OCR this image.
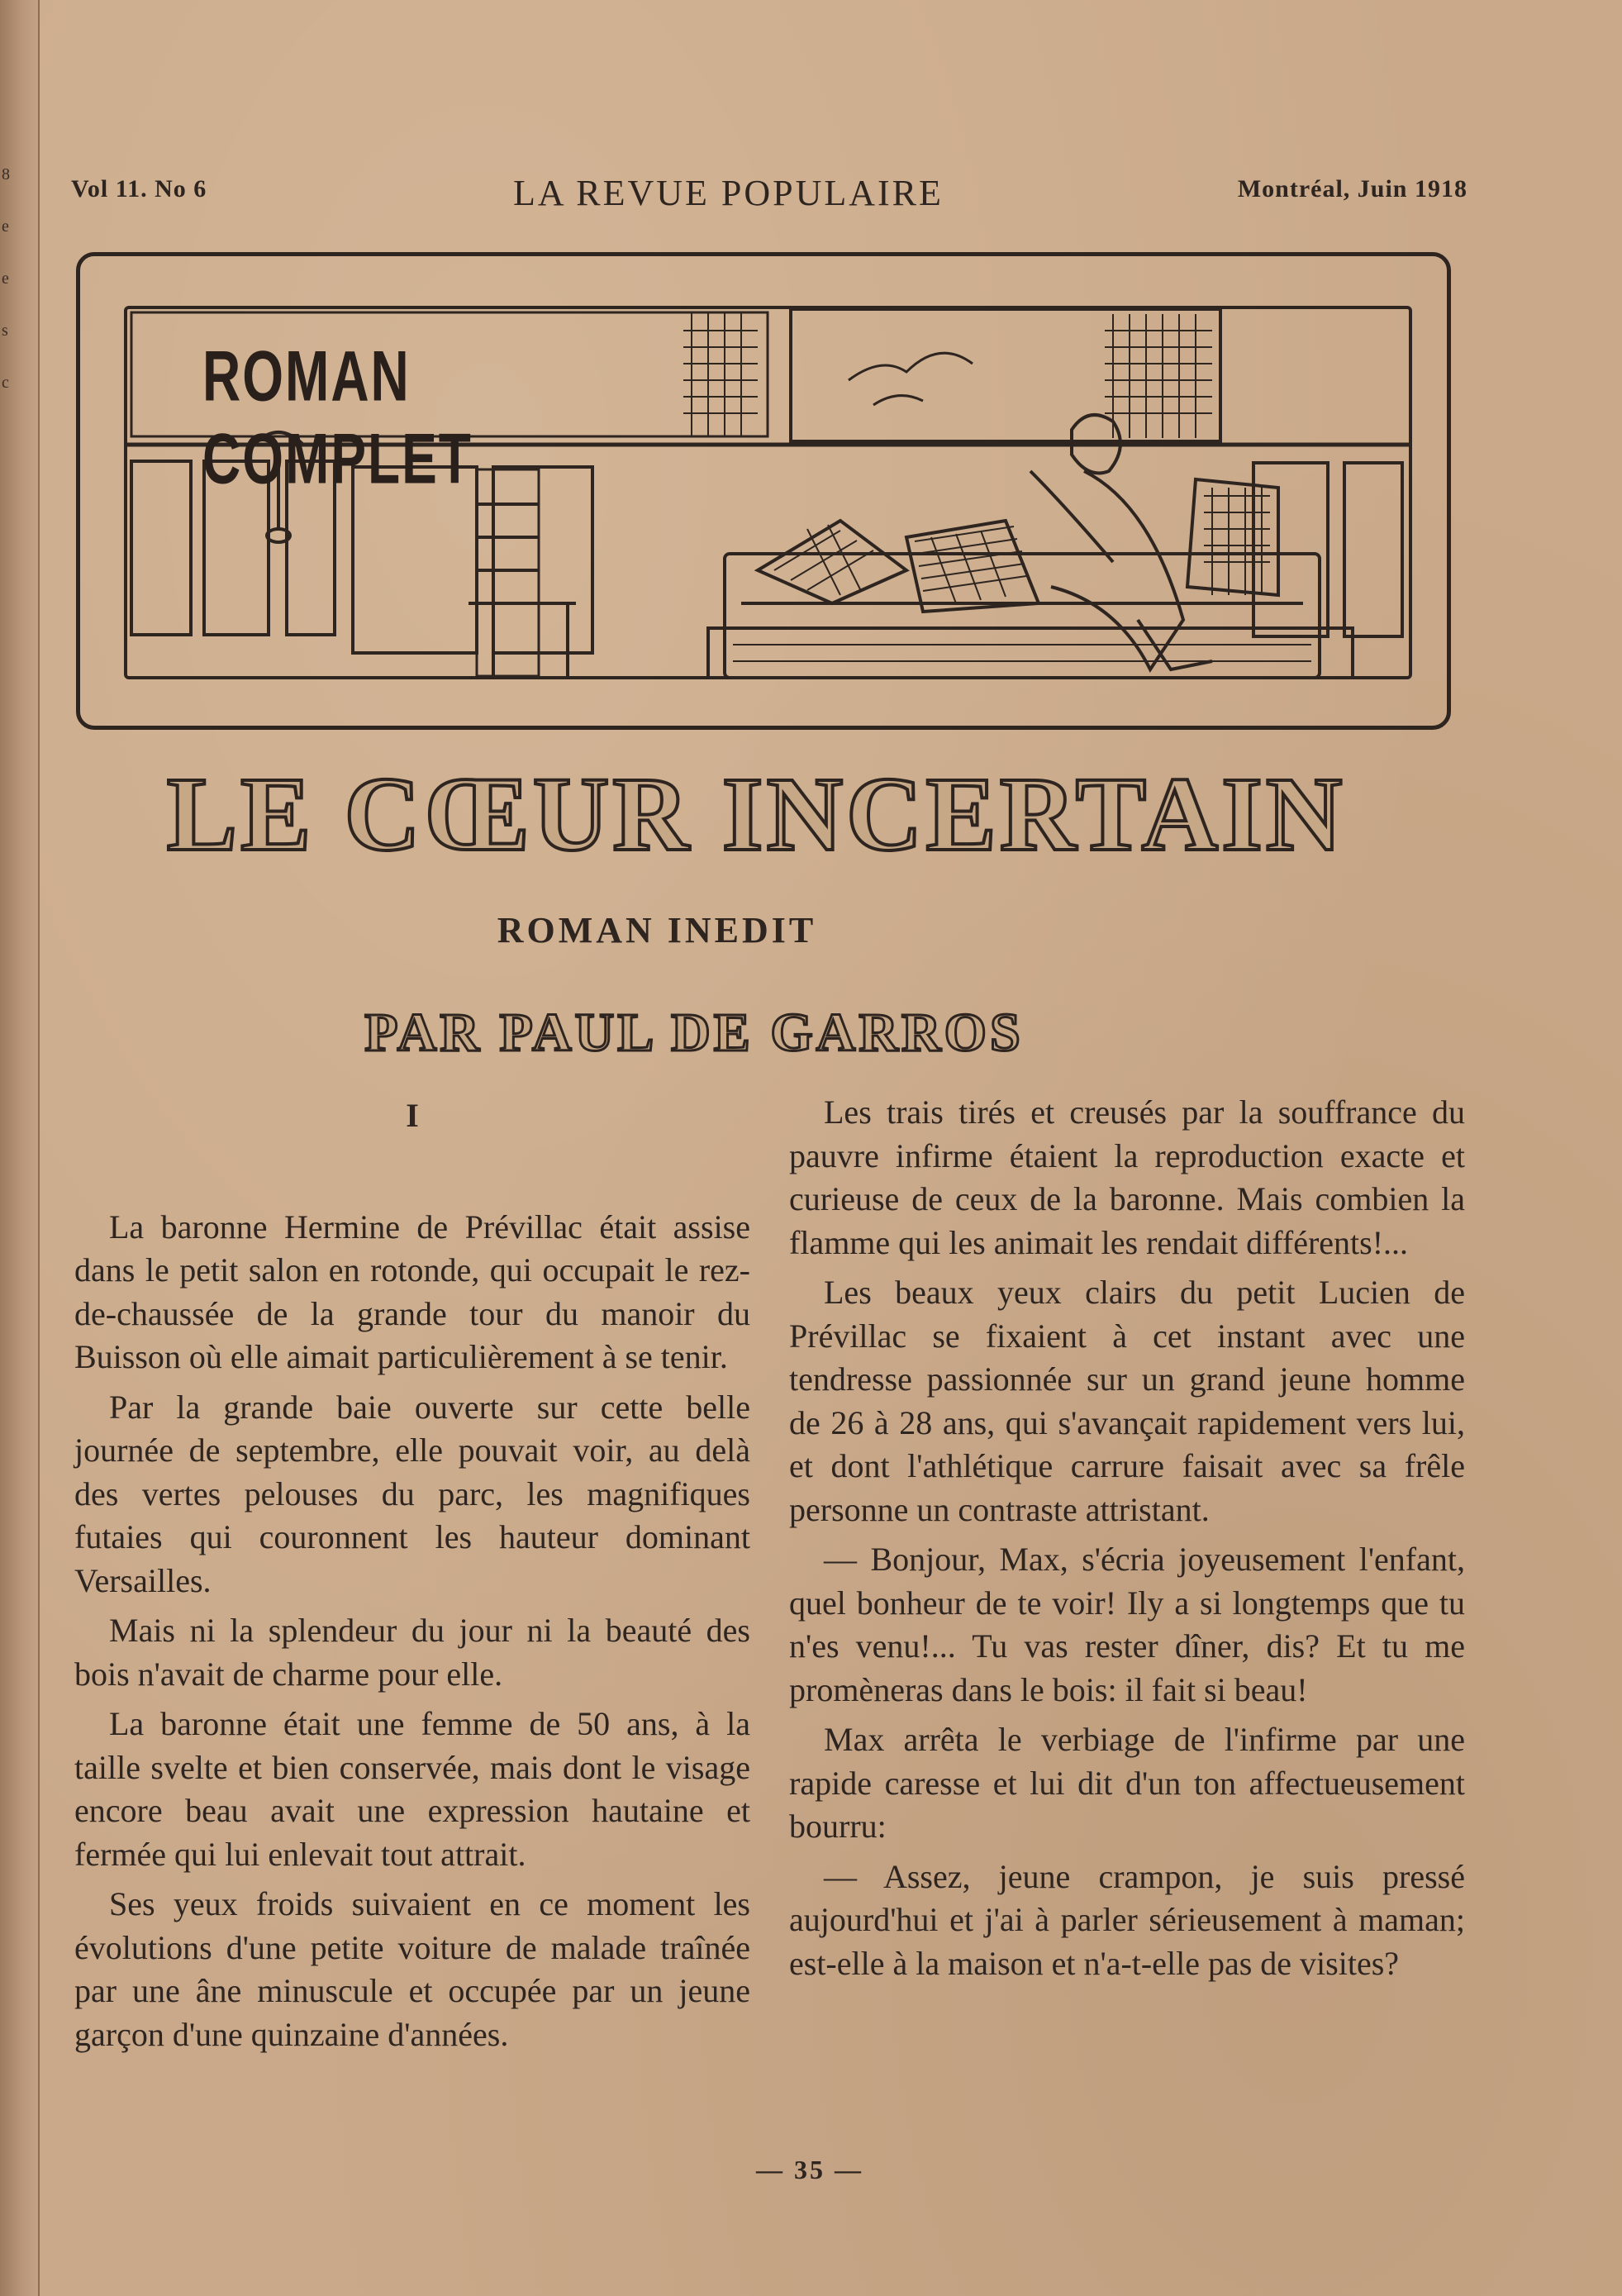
8
e
e
s
c
Vol 11. No 6	LA REVUE POPULAIRE	Montréal, Juin 1918
ROMAN COMPLET
LE CŒUR INCERTAIN
ROMAN INEDIT
PAR PAUL DE GARROS
I

La baronne Hermine de Prévillac était assise dans le petit salon en rotonde, qui occupait le rez-de-chaussée de la grande tour du manoir du Buisson où elle aimait particulièrement à se tenir.

Par la grande baie ouverte sur cette belle journée de septembre, elle pouvait voir, au delà des vertes pelouses du parc, les magnifiques futaies qui couronnent les hauteur dominant Versailles.

Mais ni la splendeur du jour ni la beauté des bois n'avait de charme pour elle.

La baronne était une femme de 50 ans, à la taille svelte et bien conservée, mais dont le visage encore beau avait une expression hautaine et fermée qui lui enlevait tout attrait.

Ses yeux froids suivaient en ce moment les évolutions d'une petite voiture de malade traînée par une âne minuscule et occupée par un jeune garçon d'une quinzaine d'années.

Les trais tirés et creusés par la souffrance du pauvre infirme étaient la reproduction exacte et curieuse de ceux de la baronne. Mais combien la flamme qui les animait les rendait différents!...

Les beaux yeux clairs du petit Lucien de Prévillac se fixaient à cet instant avec une tendresse passionnée sur un grand jeune homme de 26 à 28 ans, qui s'avançait rapidement vers lui, et dont l'athlétique carrure faisait avec sa frêle personne un contraste attristant.

— Bonjour, Max, s'écria joyeusement l'enfant, quel bonheur de te voir! Ily a si longtemps que tu n'es venu!... Tu vas rester dîner, dis? Et tu me promèneras dans le bois: il fait si beau!

Max arrêta le verbiage de l'infirme par une rapide caresse et lui dit d'un ton affectueusement bourru:

— Assez, jeune crampon, je suis pressé aujourd'hui et j'ai à parler sérieusement à maman; est-elle à la maison et n'a-t-elle pas de visites?

— 35 —
